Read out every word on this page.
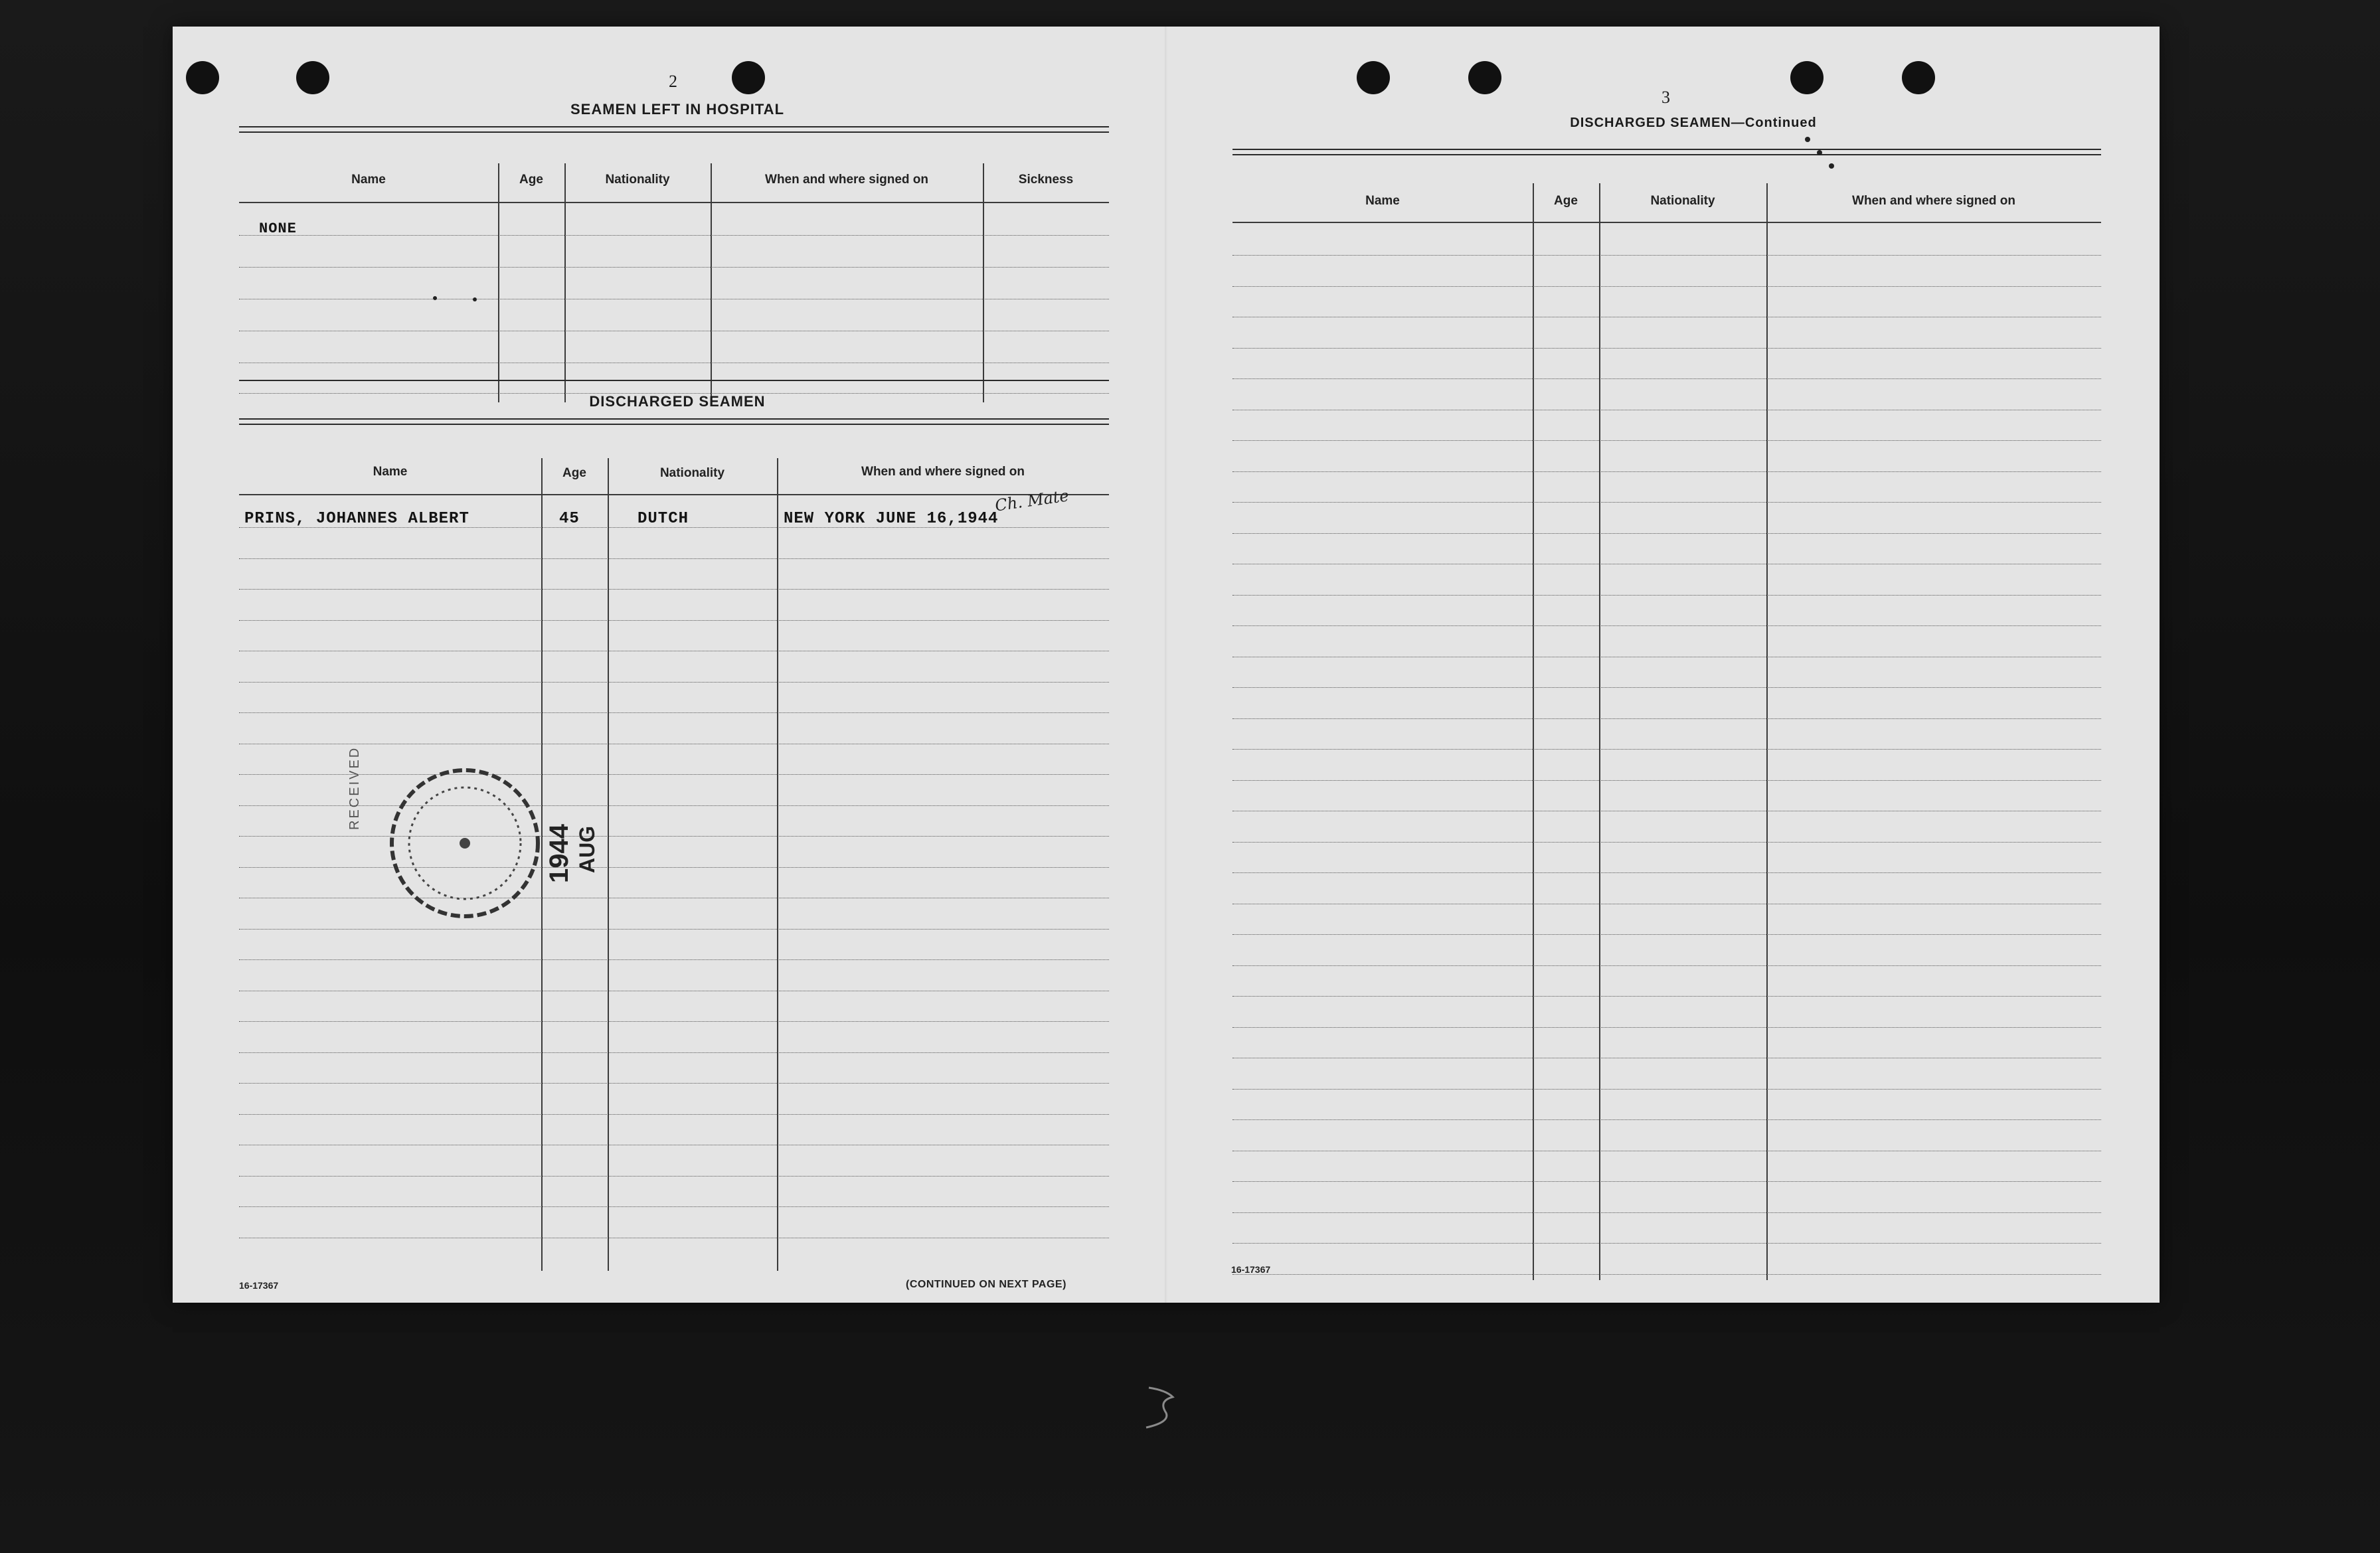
2
SEAMEN LEFT IN HOSPITAL
Name	Age	Nationality	When and where signed on	Sickness
NONE
DISCHARGED SEAMEN
Name	Age	Nationality	When and where signed on
PRINS, JOHANNES ALBERT	45	DUTCH	NEW YORK JUNE 16,1944
Ch. Mate
RECEIVED
1944 AUG
16-17367	(CONTINUED ON NEXT PAGE)
3
DISCHARGED SEAMEN—Continued
Name	Age	Nationality	When and where signed on
16-17367
